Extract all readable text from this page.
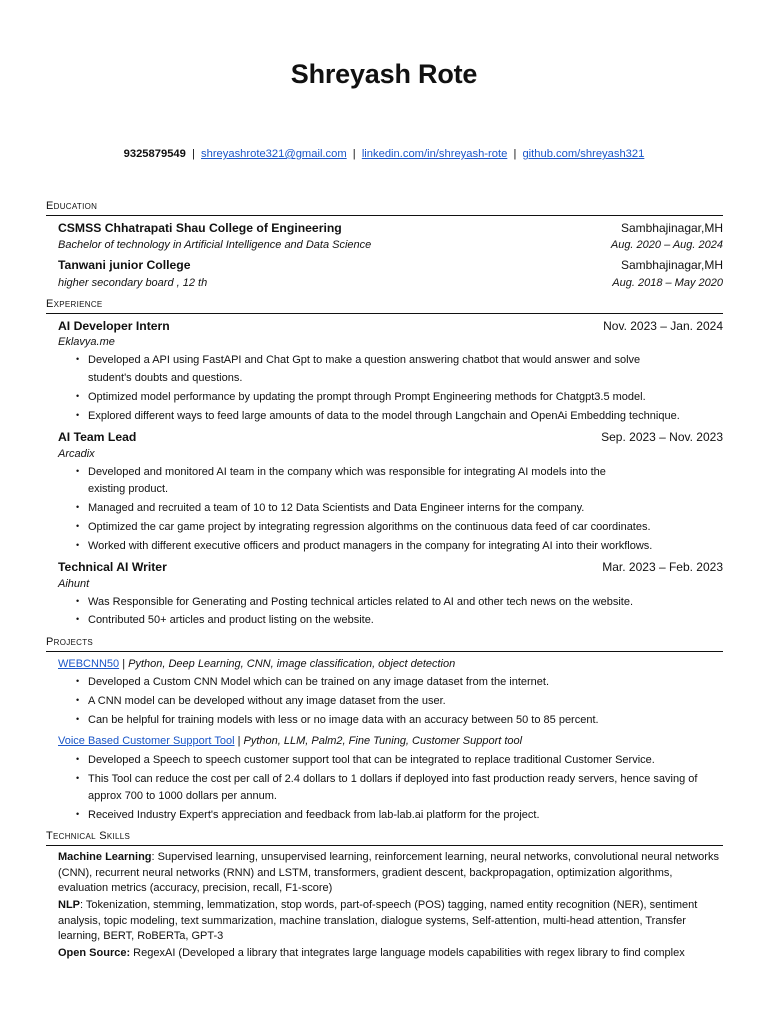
Shreyash Rote
9325879549 | shreyashrote321@gmail.com | linkedin.com/in/shreyash-rote | github.com/shreyash321
Education
CSMSS Chhatrapati Shau College of Engineering	Sambhajinagar,MH
Bachelor of technology in Artificial Intelligence and Data Science	Aug. 2020 – Aug. 2024
Tanwani junior College	Sambhajinagar,MH
higher secondary board , 12 th	Aug. 2018 – May 2020
Experience
AI Developer Intern	Nov. 2023 – Jan. 2024
Eklavya.me
• Developed a API using FastAPI and Chat Gpt to make a question answering chatbot that would answer and solve student's doubts and questions.
• Optimized model performance by updating the prompt through Prompt Engineering methods for Chatgpt3.5 model.
• Explored different ways to feed large amounts of data to the model through Langchain and OpenAi Embedding technique.
AI Team Lead	Sep. 2023 – Nov. 2023
Arcadix
• Developed and monitored AI team in the company which was responsible for integrating AI models into the existing product.
• Managed and recruited a team of 10 to 12 Data Scientists and Data Engineer interns for the company.
• Optimized the car game project by integrating regression algorithms on the continuous data feed of car coordinates.
• Worked with different executive officers and product managers in the company for integrating AI into their workflows.
Technical AI Writer	Mar. 2023 – Feb. 2023
Aihunt
• Was Responsible for Generating and Posting technical articles related to AI and other tech news on the website.
• Contributed 50+ articles and product listing on the website.
Projects
WEBCNN50 | Python, Deep Learning, CNN, image classification, object detection
• Developed a Custom CNN Model which can be trained on any image dataset from the internet.
• A CNN model can be developed without any image dataset from the user.
• Can be helpful for training models with less or no image data with an accuracy between 50 to 85 percent.
Voice Based Customer Support Tool | Python, LLM, Palm2, Fine Tuning, Customer Support tool
• Developed a Speech to speech customer support tool that can be integrated to replace traditional Customer Service.
• This Tool can reduce the cost per call of 2.4 dollars to 1 dollars if deployed into fast production ready servers, hence saving of approx 700 to 1000 dollars per annum.
• Received Industry Expert's appreciation and feedback from lab-lab.ai platform for the project.
Technical Skills

Machine Learning: Supervised learning, unsupervised learning, reinforcement learning, neural networks, convolutional neural networks (CNN), recurrent neural networks (RNN) and LSTM, transformers, gradient descent, backpropagation, optimization algorithms, evaluation metrics (accuracy, precision, recall, F1-score)

NLP: Tokenization, stemming, lemmatization, stop words, part-of-speech (POS) tagging, named entity recognition (NER), sentiment analysis, topic modeling, text summarization, machine translation, dialogue systems, Self-attention, multi-head attention, Transfer learning, BERT, RoBERTa, GPT-3

Open Source: RegexAI (Developed a library that integrates large language models capabilities with regex library to find complex
